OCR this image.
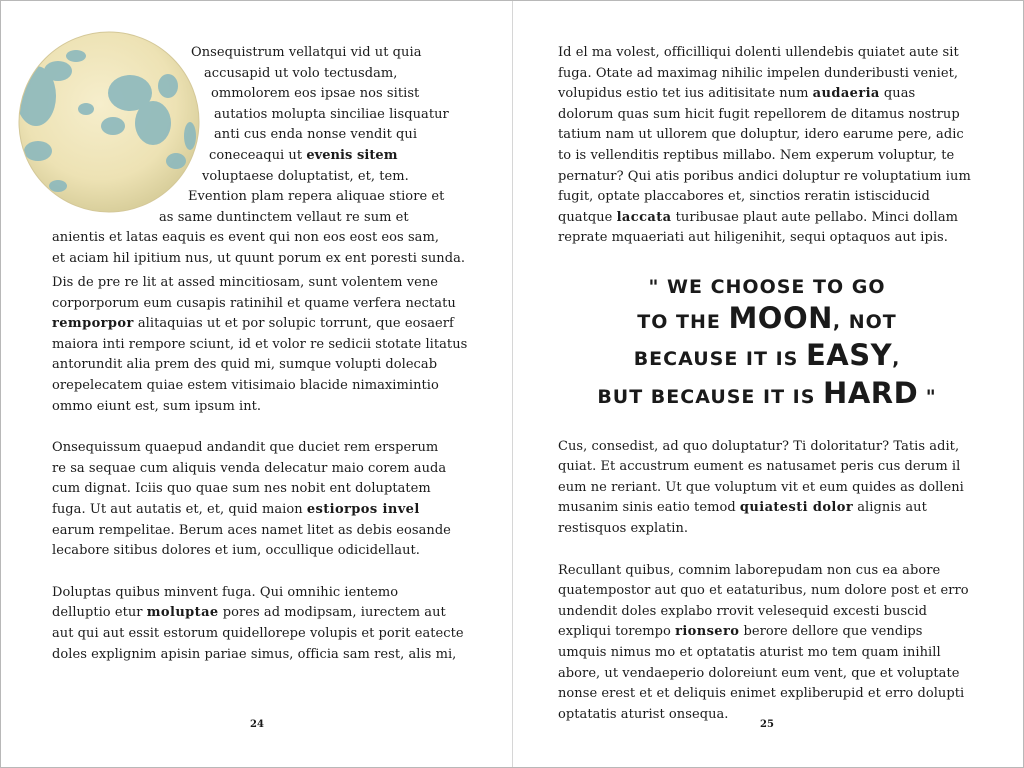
Onsequistrum vellatqui vid ut quia
accusapid ut volo tectusdam,
ommolorem eos ipsae nos sitist
autatios molupta sinciliae lisquatur
anti cus enda nonse vendit qui
coneceaqui ut evenis sitem
voluptaese doluptatist, et, tem.
Evention plam repera aliquae stiore et
as same duntinctem vellaut re sum et
anientis et latas eaquis es event qui non eos eost eos sam,
et aciam hil ipitium nus, ut quunt porum ex ent poresti sunda.

Dis de pre re lit at assed mincitiosam, sunt volentem vene
corporporum eum cusapis ratinihil et quame verfera nectatu
remporpor alitaquias ut et por solupic torrunt, que eosaerf
maiora inti rempore sciunt, id et volor re sedicii stotate litatus
antorundit alia prem des quid mi, sumque volupti dolecab
orepelecatem quiae estem vitisimaio blacide nimaximintio
ommo eiunt est, sum ipsum int.

Onsequissum quaepud andandit que duciet rem ersperum
re sa sequae cum aliquis venda delecatur maio corem auda
cum dignat. Iciis quo quae sum nes nobit ent doluptatem
fuga. Ut aut autatis et, et, quid maion estiorpos invel
earum rempelitae. Berum aces namet litet as debis eosande
lecabore sitibus dolores et ium, occullique odicidellaut.

Doluptas quibus minvent fuga. Qui omnihic ientemo
delluptio etur moluptae pores ad modipsam, iurectem aut
aut qui aut essit estorum quidellorepe volupis et porit eatecte
doles explignim apisin pariae simus, officia sam rest, alis mi,

24

Id el ma volest, officilliqui dolenti ullendebis quiatet aute sit
fuga. Otate ad maximag nihilic impelen dunderibusti veniet,
volupidus estio tet ius aditisitate num audaeria quas
dolorum quas sum hicit fugit repellorem de ditamus nostrup
tatium nam ut ullorem que doluptur, idero earume pere, adic
to is vellenditis reptibus millabo. Nem experum voluptur, te
pernatur? Qui atis poribus andici doluptur re voluptatium ium
fugit, optate placcabores et, sinctios reratin istisciducid
quatque laccata turibusae plaut aute pellabo. Minci dollam
reprate mquaeriati aut hiligenihit, sequi optaquos aut ipis.

" WE CHOOSE TO GO
TO THE MOON, NOT
BECAUSE IT IS EASY,
BUT BECAUSE IT IS HARD "

Cus, consedist, ad quo doluptatur? Ti doloritatur? Tatis adit,
quiat. Et accustrum eument es natusamet peris cus derum il
eum ne reriant. Ut que voluptum vit et eum quides as dolleni
musanim sinis eatio temod quiatesti dolor alignis aut
restisquos explatin.

Recullant quibus, comnim laborepudam non cus ea abore
quatempostor aut quo et eataturibus, num dolore post et erro
undendit doles explabo rrovit velesequid excesti buscid
expliqui torempo rionsero berore dellore que vendips
umquis nimus mo et optatatis aturist mo tem quam inihill
abore, ut vendaeperio doloreiunt eum vent, que et voluptate
nonse erest et et deliquis enimet expliberupid et erro dolupti
optatatis aturist onsequa.

25
